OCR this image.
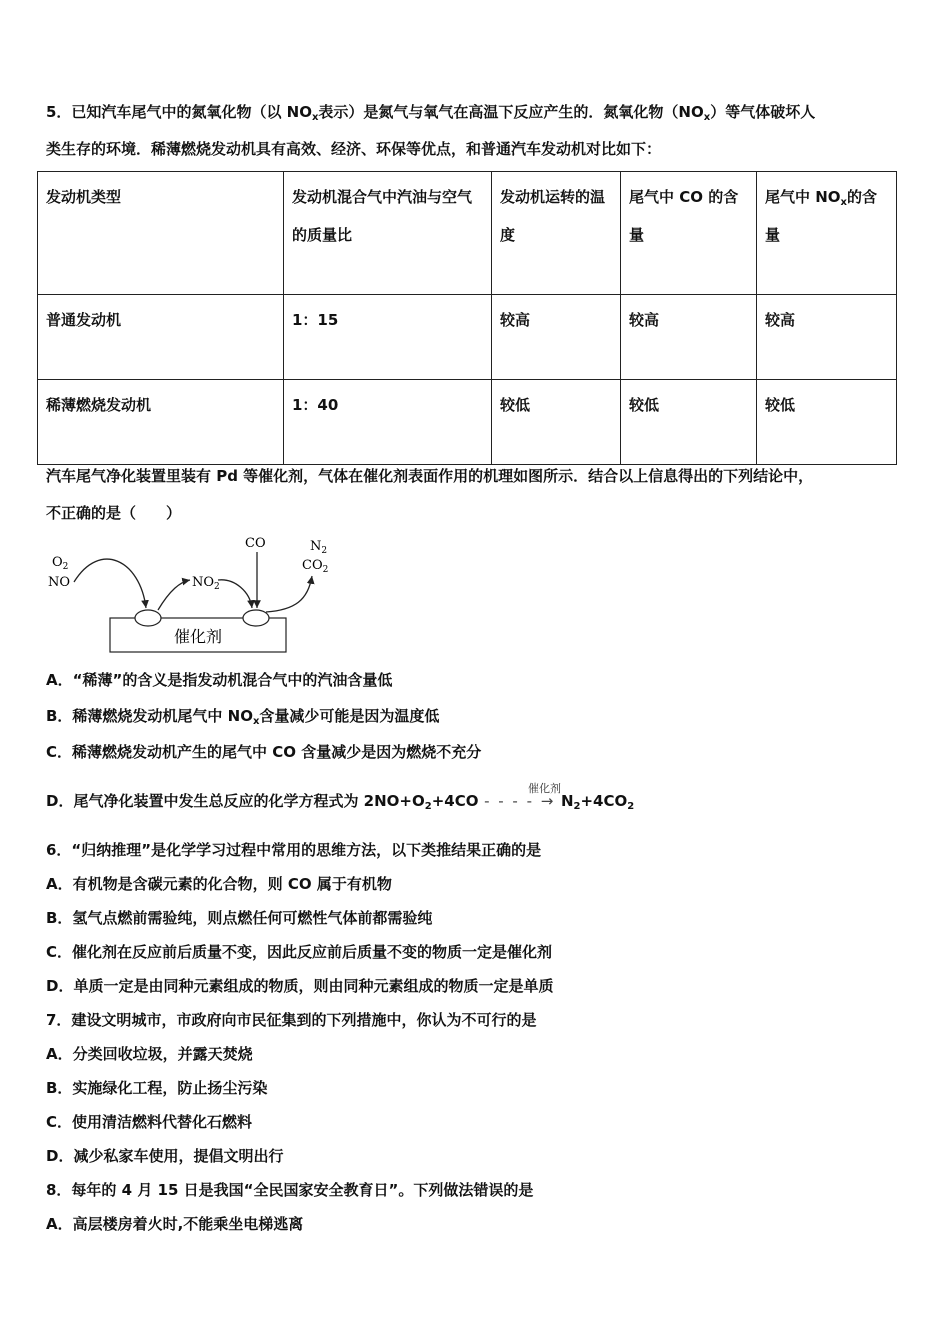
5．已知汽车尾气中的氮氧化物（以 $NO_x$表示）是氮气与氧气在高温下反应产生的．氮氧化物$(NO_x)$等气体破坏人
类生存的环境．稀薄燃烧发动机具有高效、经济、环保等优点，和普通汽车发动机对比如下：
发动机类型	发动机混合气中汽油与空气的质量比	发动机运转的温度	尾气中 CO 的含量	尾气中 $NO_x$的含量
普通发动机	1：15	较高	较高	较高
稀薄燃烧发动机	1：40	较低	较低	较低
汽车尾气净化装置里装有 Pd 等催化剂，气体在催化剂表面作用的机理如图所示．结合以上信息得出的下列结论中，
不正确的是（　　）
催化剂
$O_2$
NO	$NO_2$
CO	$N_2$
$CO_2$
A．“稀薄”的含义是指发动机混合气中的汽油含量低
B．稀薄燃烧发动机尾气中 $NO_x$含量减少可能是因为温度低
C．稀薄燃烧发动机产生的尾气中 CO 含量减少是因为燃烧不充分
催化剂
D．尾气净化装置中发生总反应的化学方程式为 $2NO+O_2+4CO$ - - - - → $N_2+4CO_2$
6．“归纳推理”是化学学习过程中常用的思维方法，以下类推结果正确的是
A．有机物是含碳元素的化合物，则 CO 属于有机物
B．氢气点燃前需验纯，则点燃任何可燃性气体前都需验纯
C．催化剂在反应前后质量不变，因此反应前后质量不变的物质一定是催化剂
D．单质一定是由同种元素组成的物质，则由同种元素组成的物质一定是单质
7．建设文明城市，市政府向市民征集到的下列措施中，你认为不可行的是
A．分类回收垃圾，并露天焚烧
B．实施绿化工程，防止扬尘污染
C．使用清洁燃料代替化石燃料
D．减少私家车使用，提倡文明出行
8．每年的 4 月 15 日是我国“全民国家安全教育日”。下列做法错误的是
A．高层楼房着火时,不能乘坐电梯逃离
